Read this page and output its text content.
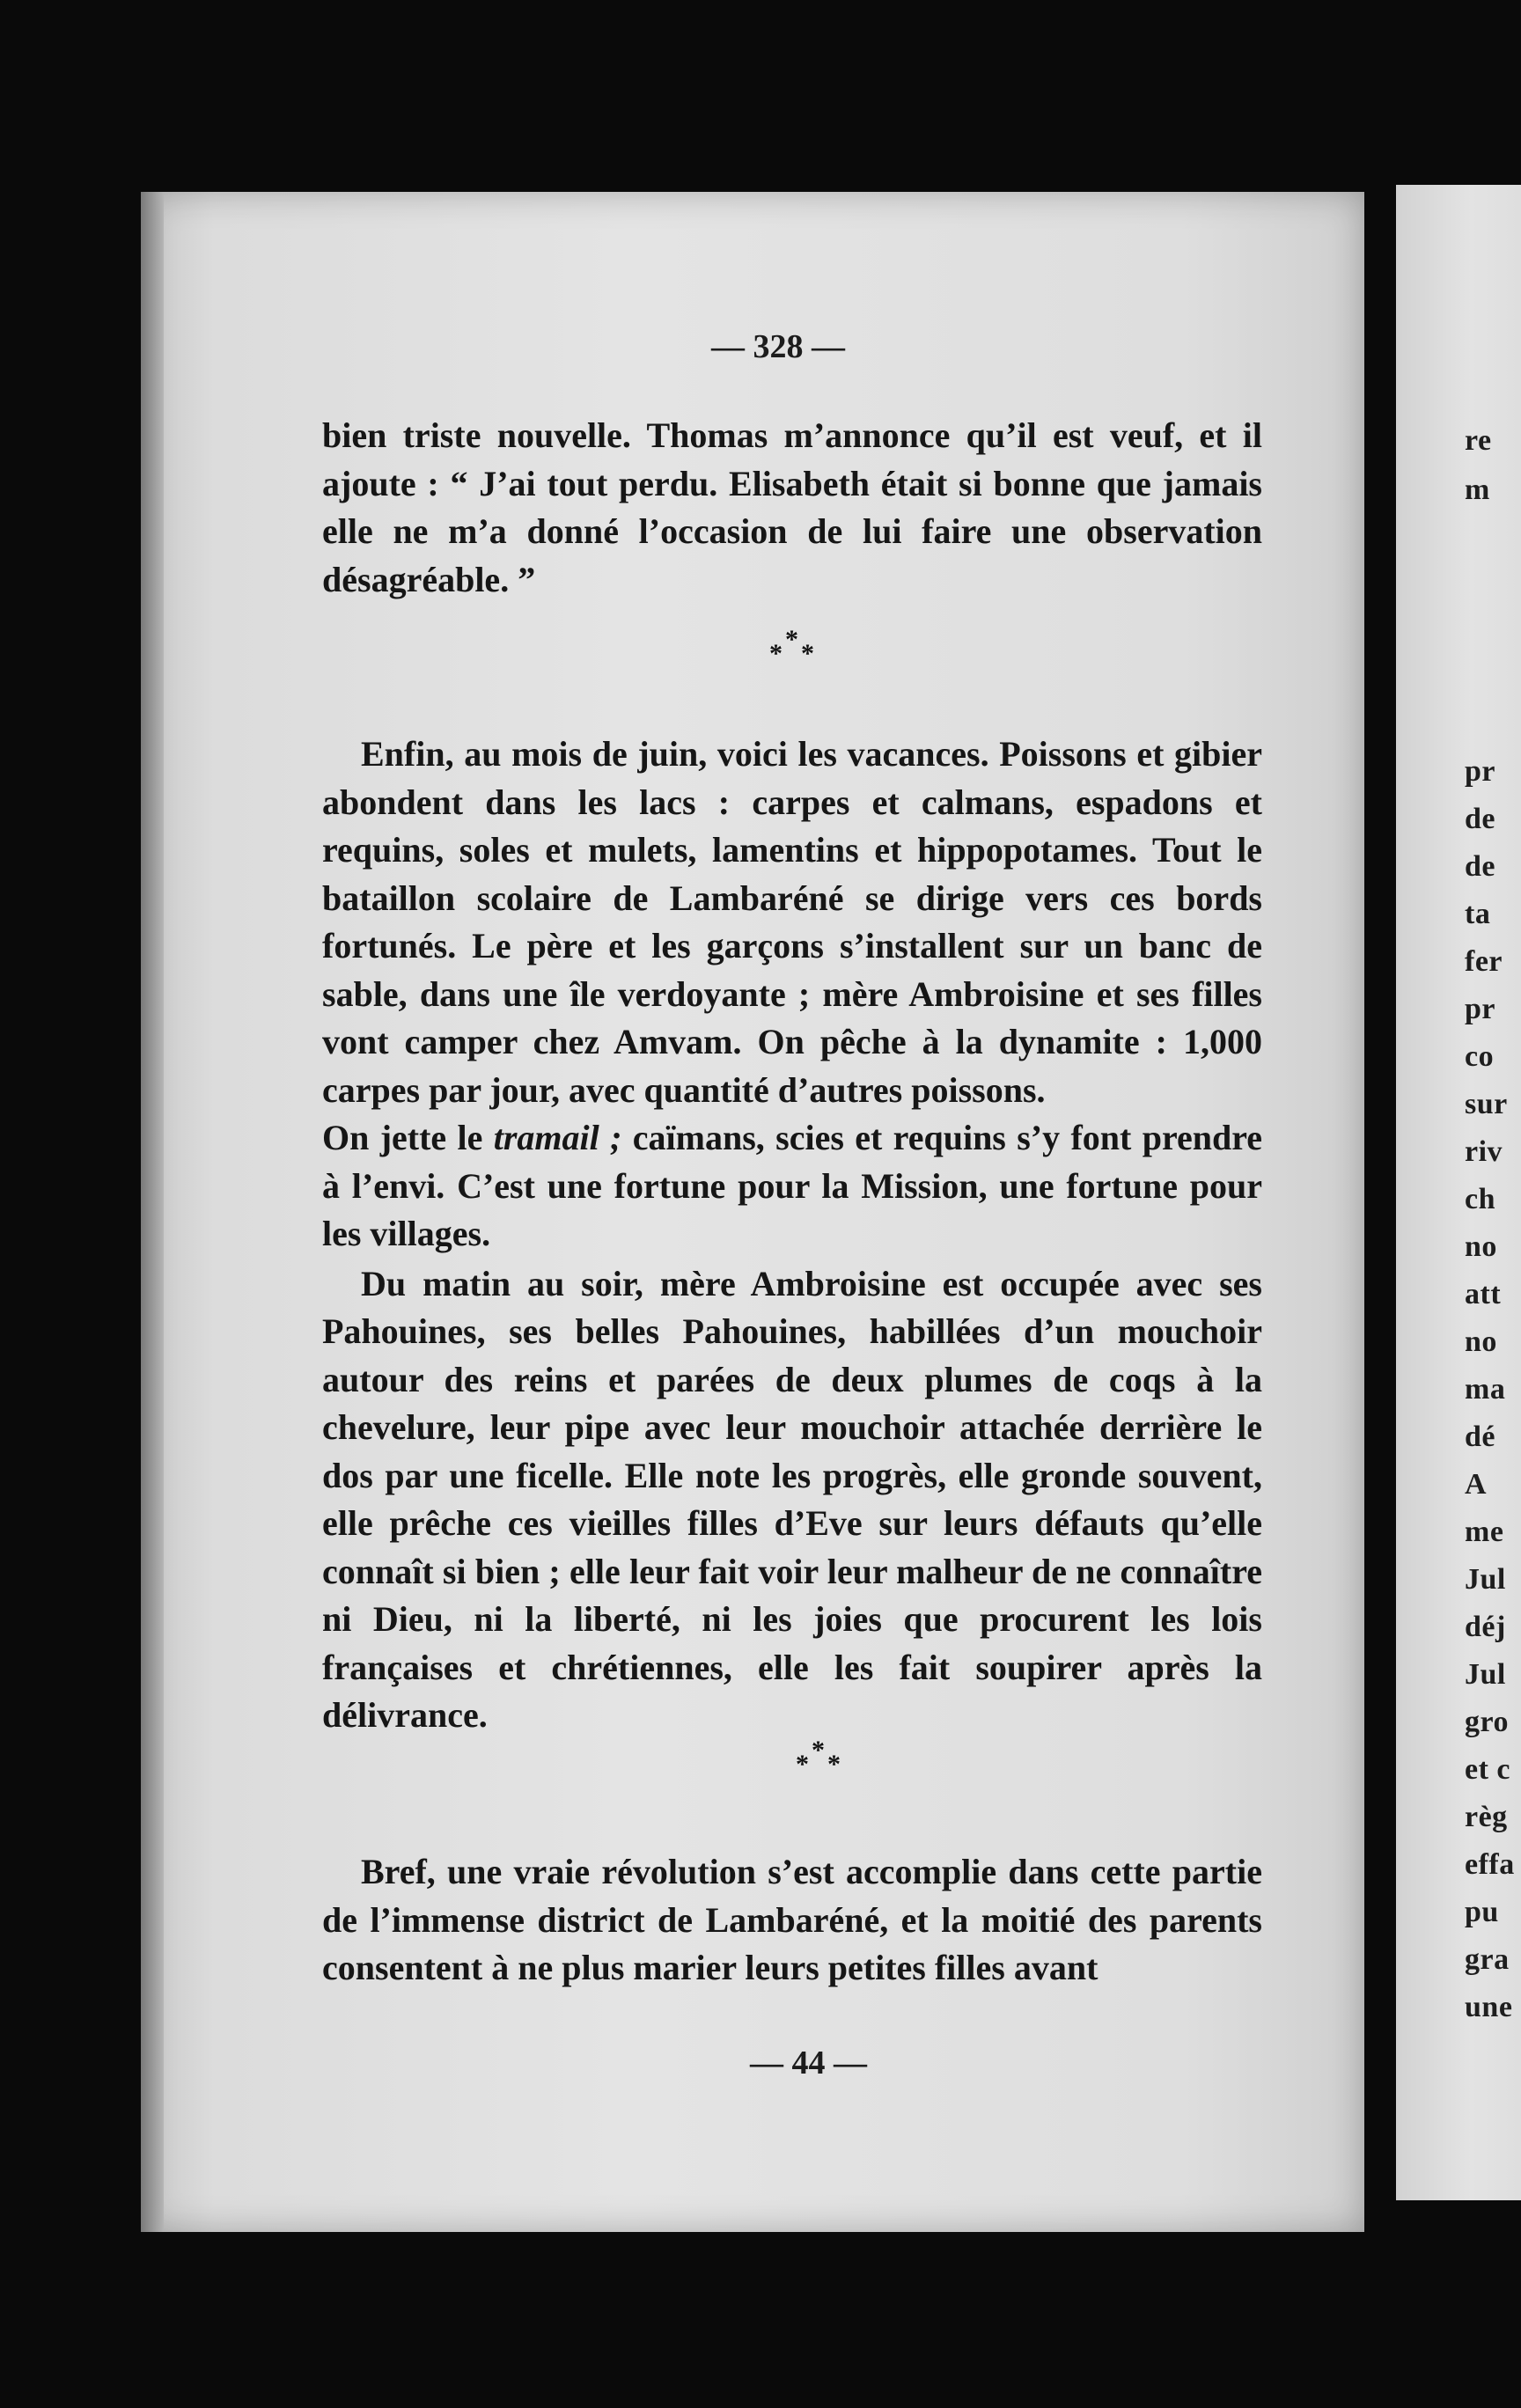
re
m
pr
de
de
ta
fer
pr
co
sur
riv
ch
no
att
no
ma
dé
A
me
Jul
déj
Jul
gro
et c
règ
effa
pu
gra
une
— 328 —

bien triste nouvelle. Thomas m’annonce qu’il est veuf, et il ajoute : “ J’ai tout perdu. Elisabeth était si bonne que jamais elle ne m’a donné l’occasion de lui faire une observation désagréable. ”

*
* *

Enfin, au mois de juin, voici les vacances. Poissons et gibier abondent dans les lacs : carpes et calmans, espadons et requins, soles et mulets, lamentins et hippopotames. Tout le bataillon scolaire de Lambaréné se dirige vers ces bords fortunés. Le père et les garçons s’installent sur un banc de sable, dans une île verdoyante ; mère Ambroisine et ses filles vont camper chez Amvam. On pêche à la dynamite : 1,000 carpes par jour, avec quantité d’autres poissons.

On jette le tramail ; caïmans, scies et requins s’y font prendre à l’envi. C’est une fortune pour la Mission, une fortune pour les villages.

Du matin au soir, mère Ambroisine est occupée avec ses Pahouines, ses belles Pahouines, habillées d’un mouchoir autour des reins et parées de deux plumes de coqs à la chevelure, leur pipe avec leur mouchoir attachée derrière le dos par une ficelle. Elle note les progrès, elle gronde souvent, elle prêche ces vieilles filles d’Eve sur leurs défauts qu’elle connaît si bien ; elle leur fait voir leur malheur de ne connaître ni Dieu, ni la liberté, ni les joies que procurent les lois françaises et chrétiennes, elle les fait soupirer après la délivrance.

*
* *

Bref, une vraie révolution s’est accomplie dans cette partie de l’immense district de Lambaréné, et la moitié des parents consentent à ne plus marier leurs petites filles avant

— 44 —
